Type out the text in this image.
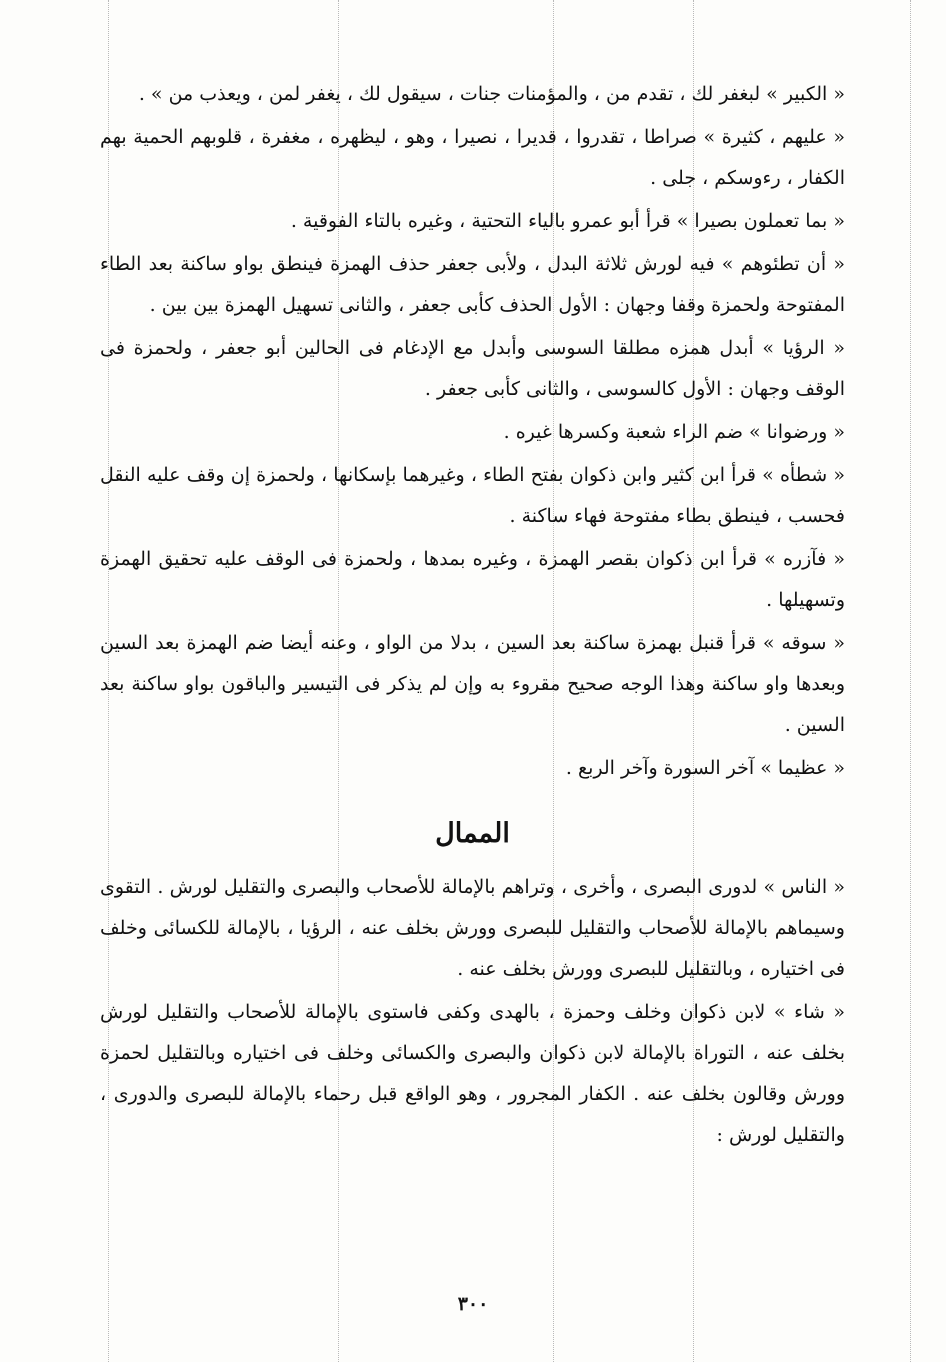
« الكبير » لبغفر لك ، تقدم من ، والمؤمنات جنات ، سيقول لك ، يغفر لمن ، ويعذب من » .

« عليهم ، كثيرة » صراطا ، تقدروا ، قديرا ، نصيرا ، وهو ، ليظهره ، مغفرة ، قلوبهم الحمية بهم الكفار ، رءوسكم ، جلى .

« بما تعملون بصيرا » قرأ أبو عمرو بالياء التحتية ، وغيره بالتاء الفوقية .

« أن تطئوهم » فيه لورش ثلاثة البدل ، ولأبى جعفر حذف الهمزة فينطق بواو ساكنة بعد الطاء المفتوحة ولحمزة وقفا وجهان : الأول الحذف كأبى جعفر ، والثانى تسهيل الهمزة بين بين .

« الرؤيا » أبدل همزه مطلقا السوسى وأبدل مع الإدغام فى الحالين أبو جعفر ، ولحمزة فى الوقف وجهان : الأول كالسوسى ، والثانى كأبى جعفر .

« ورضوانا » ضم الراء شعبة وكسرها غيره .

« شطأه » قرأ ابن كثير وابن ذكوان بفتح الطاء ، وغيرهما بإسكانها ، ولحمزة إن وقف عليه النقل فحسب ، فينطق بطاء مفتوحة فهاء ساكنة .

« فآزره » قرأ ابن ذكوان بقصر الهمزة ، وغيره بمدها ، ولحمزة فى الوقف عليه تحقيق الهمزة وتسهيلها .

« سوقه » قرأ قنبل بهمزة ساكنة بعد السين ، بدلا من الواو ، وعنه أيضا ضم الهمزة بعد السين وبعدها واو ساكنة وهذا الوجه صحيح مقروء به وإن لم يذكر فى التيسير والباقون بواو ساكنة بعد السين .

« عظيما » آخر السورة وآخر الربع .

الممال

« الناس » لدورى البصرى ، وأخرى ، وتراهم بالإمالة للأصحاب والبصرى والتقليل لورش . التقوى وسيماهم بالإمالة للأصحاب والتقليل للبصرى وورش بخلف عنه ، الرؤيا ، بالإمالة للكسائى وخلف فى اختياره ، وبالتقليل للبصرى وورش بخلف عنه .

« شاء » لابن ذكوان وخلف وحمزة ، بالهدى وكفى فاستوى بالإمالة للأصحاب والتقليل لورش بخلف عنه ، التوراة بالإمالة لابن ذكوان والبصرى والكسائى وخلف فى اختياره وبالتقليل لحمزة وورش وقالون بخلف عنه . الكفار المجرور ، وهو الواقع قبل رحماء بالإمالة للبصرى والدورى ، والتقليل لورش :

٣٠٠
